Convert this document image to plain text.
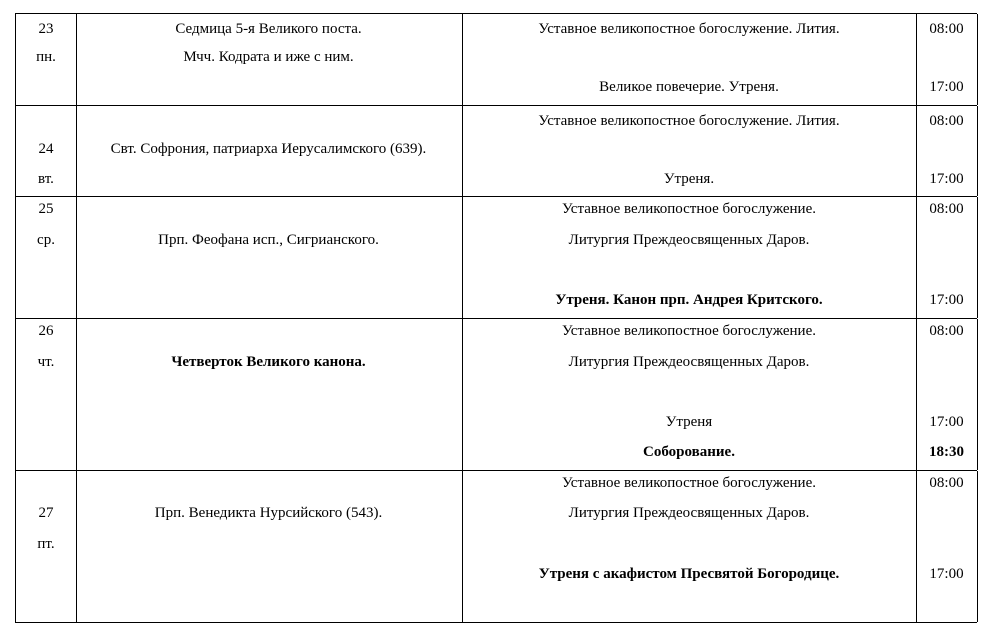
23
пн.
Седмица 5-я Великого поста.
Мчч. Кодрата и иже с ним.
Уставное великопостное богослужение. Лития.
Великое повечерие. Утреня.
08:00
17:00
24
вт.
Свт. Софрония, патриарха Иерусалимского (639).
Уставное великопостное богослужение. Лития.
Утреня.
08:00
17:00
25
ср.	Прп. Феофана исп., Сигрианского.
Уставное великопостное богослужение.
Литургия Преждеосвященных Даров.
Утреня. Канон прп. Андрея Критского.
08:00
17:00
26
чт.	Четверток Великого канона.
Уставное великопостное богослужение.
Литургия Преждеосвященных Даров.
Утреня
Соборование.
08:00
17:00
18:30
27
пт.
Прп. Венедикта Нурсийского (543).
Уставное великопостное богослужение.
Литургия Преждеосвященных Даров.
Утреня с акафистом Пресвятой Богородице.
08:00
17:00
